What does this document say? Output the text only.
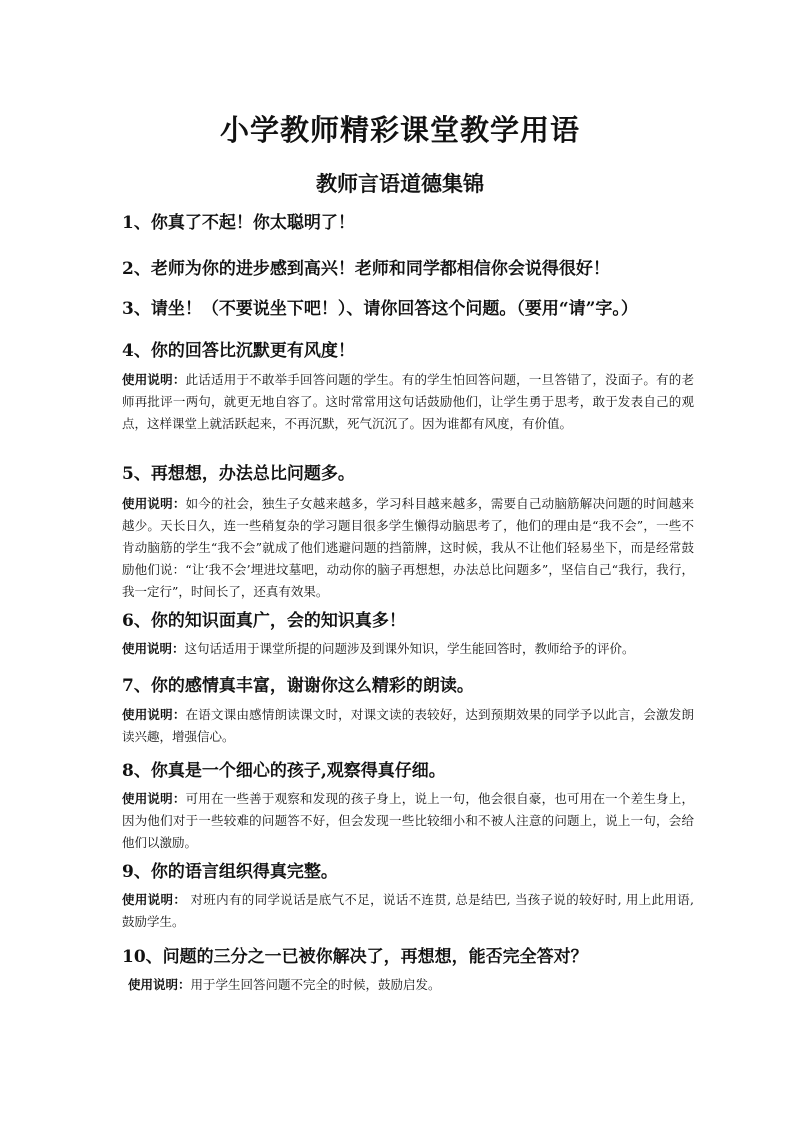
小学教师精彩课堂教学用语
教师言语道德集锦
1、你真了不起！你太聪明了！
2、老师为你的进步感到高兴！老师和同学都相信你会说得很好！
3、请坐！（不要说坐下吧！）、请你回答这个问题。（要用“请”字。）
4、你的回答比沉默更有风度！
使用说明：此话适用于不敢举手回答问题的学生。有的学生怕回答问题，一旦答错了，没面子。有的老师再批评一两句，就更无地自容了。这时常常用这句话鼓励他们，让学生勇于思考，敢于发表自己的观点，这样课堂上就活跃起来，不再沉默，死气沉沉了。因为谁都有风度，有价值。
5、再想想，办法总比问题多。
使用说明：如今的社会，独生子女越来越多，学习科目越来越多，需要自己动脑筋解决问题的时间越来越少。天长日久，连一些稍复杂的学习题目很多学生懒得动脑思考了，他们的理由是“我不会”，一些不肯动脑筋的学生“我不会”就成了他们逃避问题的挡箭牌，这时候，我从不让他们轻易坐下，而是经常鼓励他们说：“让‘我不会’埋进坟墓吧，动动你的脑子再想想，办法总比问题多”，坚信自己“我行，我行，我一定行”，时间长了，还真有效果。
6、你的知识面真广，会的知识真多！
使用说明：这句话适用于课堂所提的问题涉及到课外知识，学生能回答时，教师给予的评价。
7、你的感情真丰富，谢谢你这么精彩的朗读。
使用说明：在语文课由感情朗读课文时，对课文读的表较好，达到预期效果的同学予以此言，会激发朗读兴趣，增强信心。
8、你真是一个细心的孩子,观察得真仔细。
使用说明：可用在一些善于观察和发现的孩子身上，说上一句，他会很自豪，也可用在一个差生身上，因为他们对于一些较难的问题答不好，但会发现一些比较细小和不被人注意的问题上，说上一句，会给他们以激励。
9、你的语言组织得真完整。
使用说明： 对班内有的同学说话是底气不足，说话不连贯, 总是结巴, 当孩子说的较好时, 用上此用语, 鼓励学生。
10、问题的三分之一已被你解决了，再想想，能否完全答对？
使用说明：用于学生回答问题不完全的时候，鼓励启发。
